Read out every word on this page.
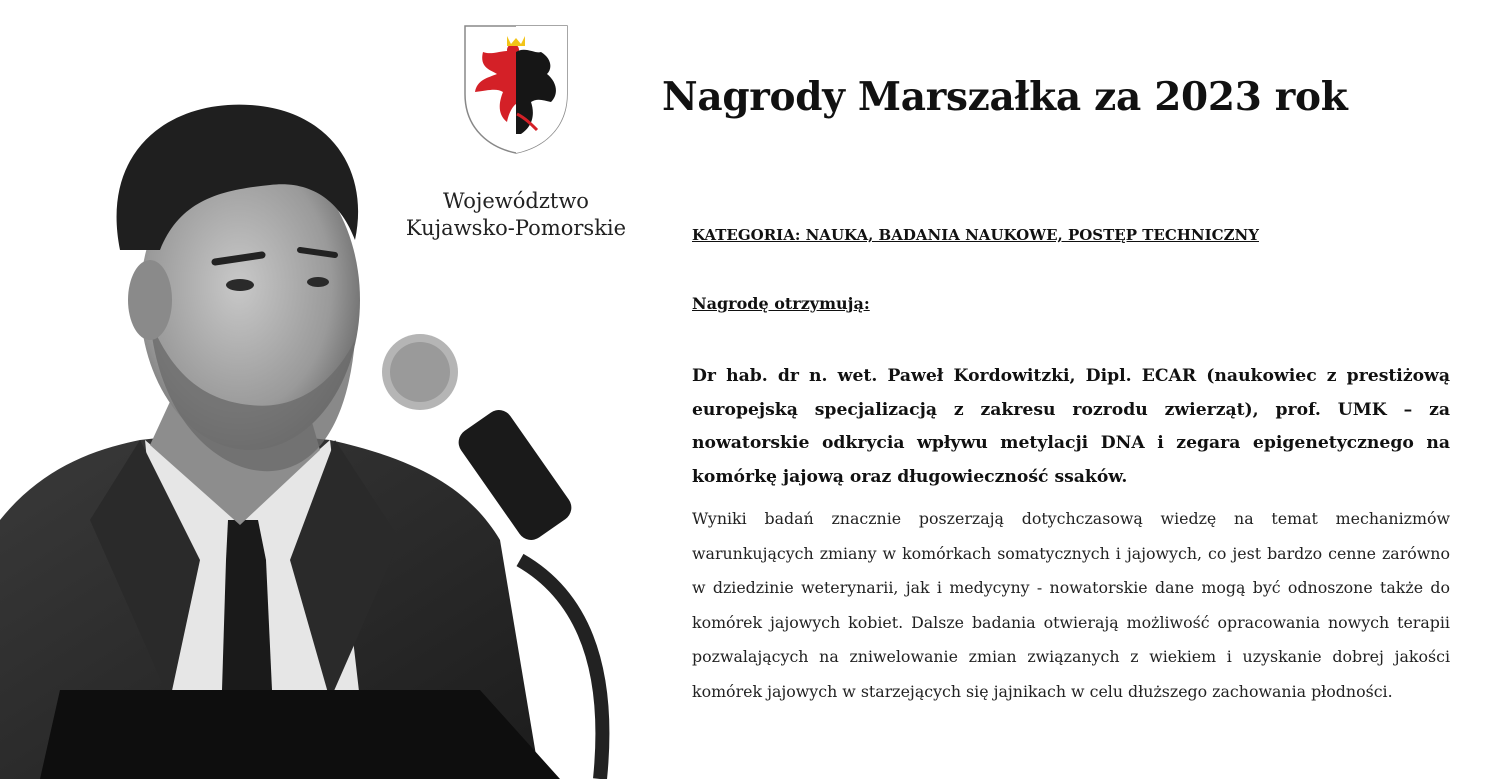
Województwo
Kujawsko-Pomorskie
Nagrody Marszałka za 2023 rok
KATEGORIA: NAUKA, BADANIA NAUKOWE, POSTĘP TECHNICZNY
Nagrodę otrzymują:
Dr hab. dr n. wet. Paweł Kordowitzki, Dipl. ECAR (naukowiec z prestiżową europejską specjalizacją z zakresu rozrodu zwierząt), prof. UMK – za nowatorskie odkrycia wpływu metylacji DNA i zegara epigenetycznego na komórkę jajową oraz długowieczność ssaków.
Wyniki badań znacznie poszerzają dotychczasową wiedzę na temat mechanizmów warunkujących zmiany w komórkach somatycznych i jajowych, co jest bardzo cenne zarówno w dziedzinie weterynarii, jak i medycyny - nowatorskie dane mogą być odnoszone także do komórek jajowych kobiet. Dalsze badania otwierają możliwość opracowania nowych terapii pozwalających na zniwelowanie zmian związanych z wiekiem i uzyskanie dobrej jakości komórek jajowych w starzejących się jajnikach w celu dłuższego zachowania płodności.
